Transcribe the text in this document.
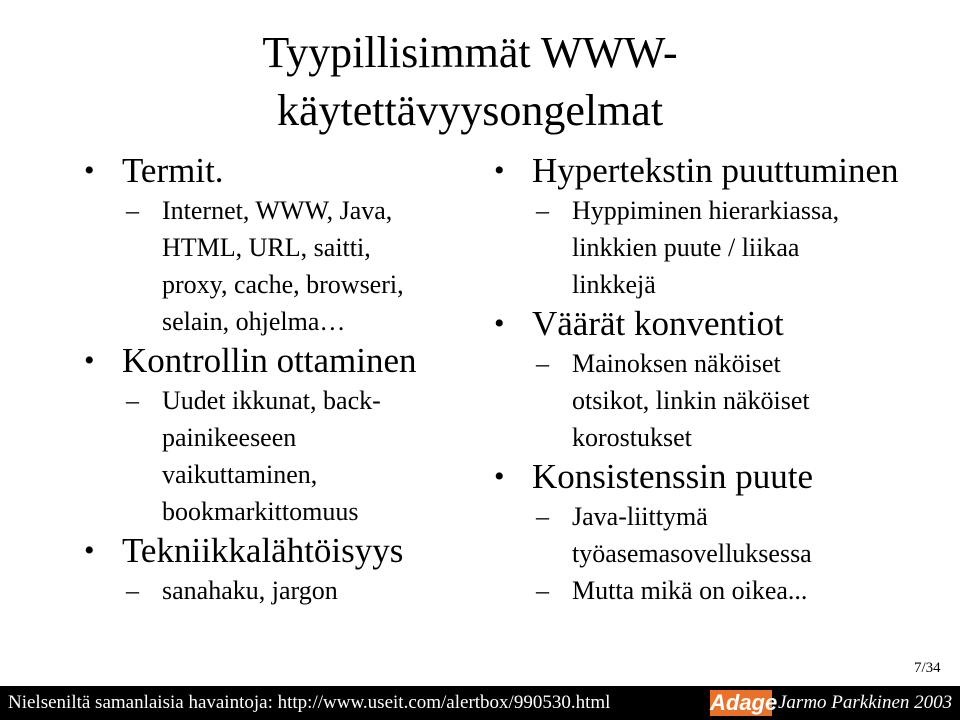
Tyypillisimmät WWW-
käytettävyysongelmat
• Termit.
– Internet, WWW, Java,
HTML, URL, saitti,
proxy, cache, browseri,
selain, ohjelma…
• Kontrollin ottaminen
– Uudet ikkunat, back-
painikeeseen
vaikuttaminen,
bookmarkittomuus
• Tekniikkalähtöisyys
– sanahaku, jargon
• Hypertekstin puuttuminen
– Hyppiminen hierarkiassa,
linkkien puute / liikaa
linkkejä
• Väärät konventiot
– Mainoksen näköiset
otsikot, linkin näköiset
korostukset
• Konsistenssin puute
– Java-liittymä
työasemasovelluksessa
– Mutta mikä on oikea...
7/34
Nielseniltä samanlaisia havaintoja: http://www.useit.com/alertbox/990530.html	Adage Jarmo Parkkinen 2003
